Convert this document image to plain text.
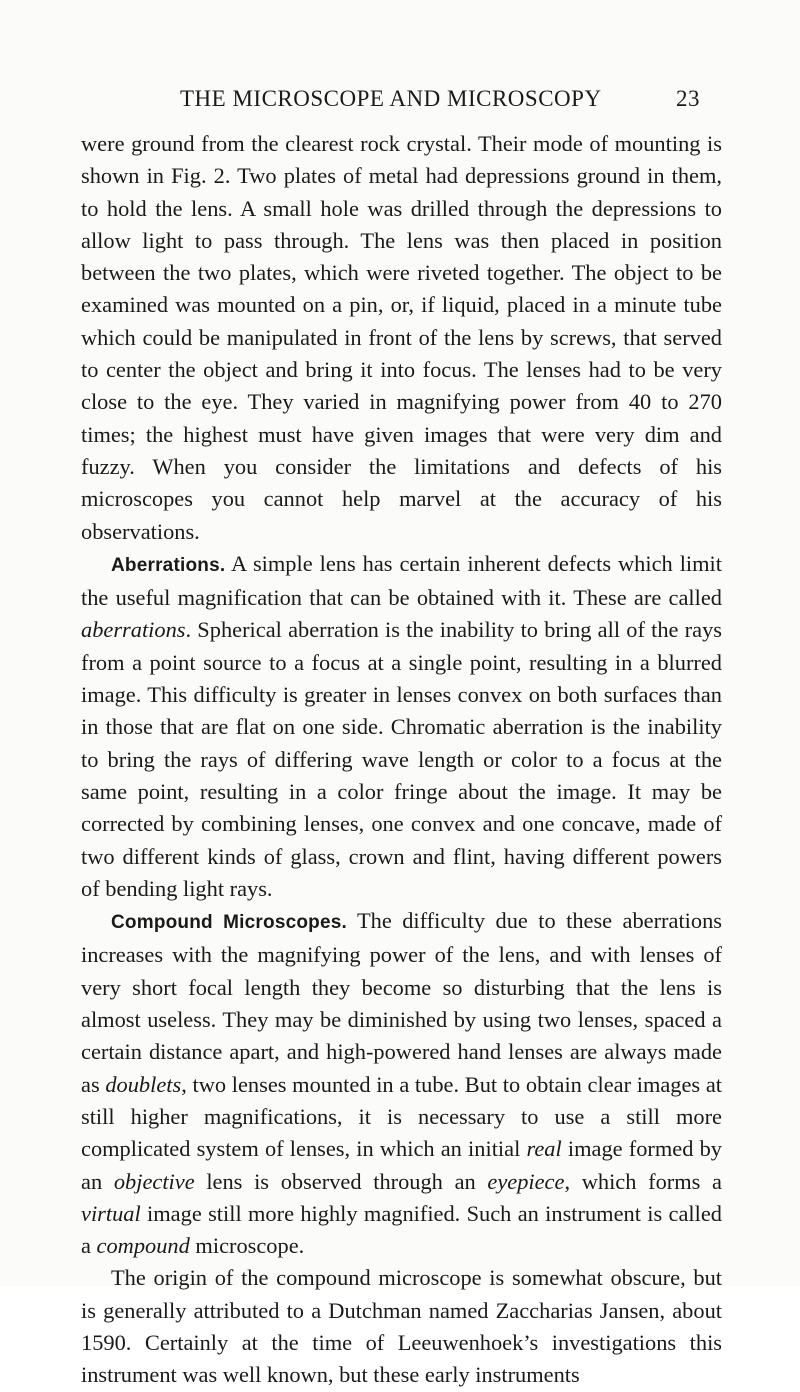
THE MICROSCOPE AND MICROSCOPY	23

were ground from the clearest rock crystal. Their mode of mounting is shown in Fig. 2. Two plates of metal had depressions ground in them, to hold the lens. A small hole was drilled through the depressions to allow light to pass through. The lens was then placed in position between the two plates, which were riveted together. The object to be examined was mounted on a pin, or, if liquid, placed in a minute tube which could be manipulated in front of the lens by screws, that served to center the object and bring it into focus. The lenses had to be very close to the eye. They varied in magnifying power from 40 to 270 times; the highest must have given images that were very dim and fuzzy. When you consider the limitations and defects of his microscopes you cannot help marvel at the accuracy of his observations.

Aberrations. A simple lens has certain inherent defects which limit the useful magnification that can be obtained with it. These are called aberrations. Spherical aberration is the inability to bring all of the rays from a point source to a focus at a single point, resulting in a blurred image. This difficulty is greater in lenses convex on both surfaces than in those that are flat on one side. Chromatic aberration is the inability to bring the rays of differing wave length or color to a focus at the same point, resulting in a color fringe about the image. It may be corrected by combining lenses, one convex and one concave, made of two different kinds of glass, crown and flint, having different powers of bending light rays.

Compound Microscopes. The difficulty due to these aberrations increases with the magnifying power of the lens, and with lenses of very short focal length they become so disturbing that the lens is almost useless. They may be diminished by using two lenses, spaced a certain distance apart, and high-powered hand lenses are always made as doublets, two lenses mounted in a tube. But to obtain clear images at still higher magnifications, it is necessary to use a still more complicated system of lenses, in which an initial real image formed by an objective lens is observed through an eyepiece, which forms a virtual image still more highly magnified. Such an instrument is called a compound microscope.

The origin of the compound microscope is somewhat obscure, but is generally attributed to a Dutchman named Zaccharias Jansen, about 1590. Certainly at the time of Leeuwenhoek’s investigations this instrument was well known, but these early instruments
